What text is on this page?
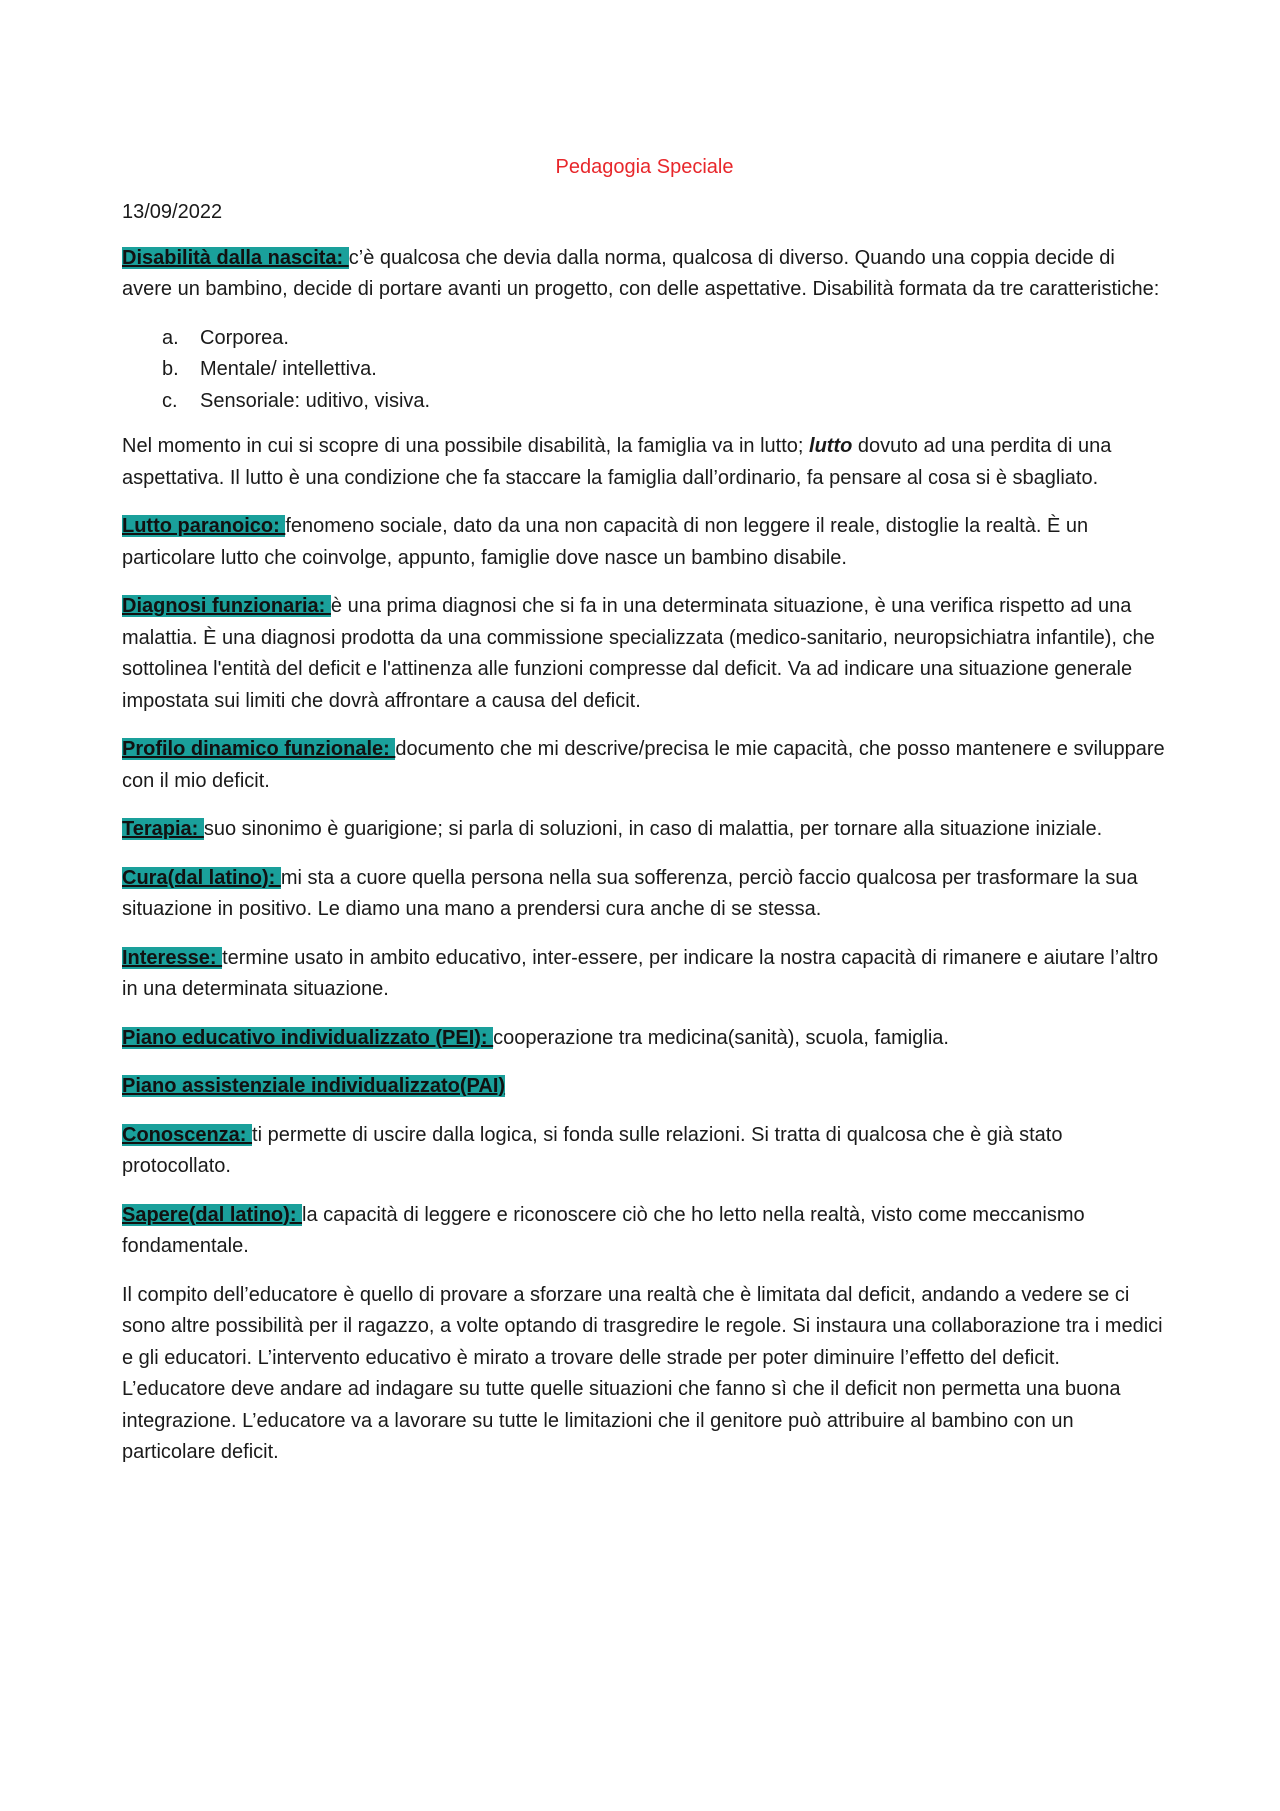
Pedagogia Speciale

13/09/2022

Disabilità dalla nascita: c’è qualcosa che devia dalla norma, qualcosa di diverso. Quando una coppia decide di avere un bambino, decide di portare avanti un progetto, con delle aspettative. Disabilità formata da tre caratteristiche:

a. Corporea.
b. Mentale/ intellettiva.
c. Sensoriale: uditivo, visiva.

Nel momento in cui si scopre di una possibile disabilità, la famiglia va in lutto; lutto dovuto ad una perdita di una aspettativa. Il lutto è una condizione che fa staccare la famiglia dall’ordinario, fa pensare al cosa si è sbagliato.

Lutto paranoico: fenomeno sociale, dato da una non capacità di non leggere il reale, distoglie la realtà. È un particolare lutto che coinvolge, appunto, famiglie dove nasce un bambino disabile.

Diagnosi funzionaria: è una prima diagnosi che si fa in una determinata situazione, è una verifica rispetto ad una malattia. È una diagnosi prodotta da una commissione specializzata (medico-sanitario, neuropsichiatra infantile), che sottolinea l'entità del deficit e l'attinenza alle funzioni compresse dal deficit. Va ad indicare una situazione generale impostata sui limiti che dovrà affrontare a causa del deficit.

Profilo dinamico funzionale: documento che mi descrive/precisa le mie capacità, che posso mantenere e sviluppare con il mio deficit.

Terapia: suo sinonimo è guarigione; si parla di soluzioni, in caso di malattia, per tornare alla situazione iniziale.

Cura(dal latino): mi sta a cuore quella persona nella sua sofferenza, perciò faccio qualcosa per trasformare la sua situazione in positivo. Le diamo una mano a prendersi cura anche di se stessa.

Interesse: termine usato in ambito educativo, inter-essere, per indicare la nostra capacità di rimanere e aiutare l’altro in una determinata situazione.

Piano educativo individualizzato (PEI): cooperazione tra medicina(sanità), scuola, famiglia.

Piano assistenziale individualizzato(PAI)

Conoscenza: ti permette di uscire dalla logica, si fonda sulle relazioni. Si tratta di qualcosa che è già stato protocollato.

Sapere(dal latino): la capacità di leggere e riconoscere ciò che ho letto nella realtà, visto come meccanismo fondamentale.

Il compito dell’educatore è quello di provare a sforzare una realtà che è limitata dal deficit, andando a vedere se ci sono altre possibilità per il ragazzo, a volte optando di trasgredire le regole. Si instaura una collaborazione tra i medici e gli educatori. L’intervento educativo è mirato a trovare delle strade per poter diminuire l’effetto del deficit. L’educatore deve andare ad indagare su tutte quelle situazioni che fanno sì che il deficit non permetta una buona integrazione. L’educatore va a lavorare su tutte le limitazioni che il genitore può attribuire al bambino con un particolare deficit.
